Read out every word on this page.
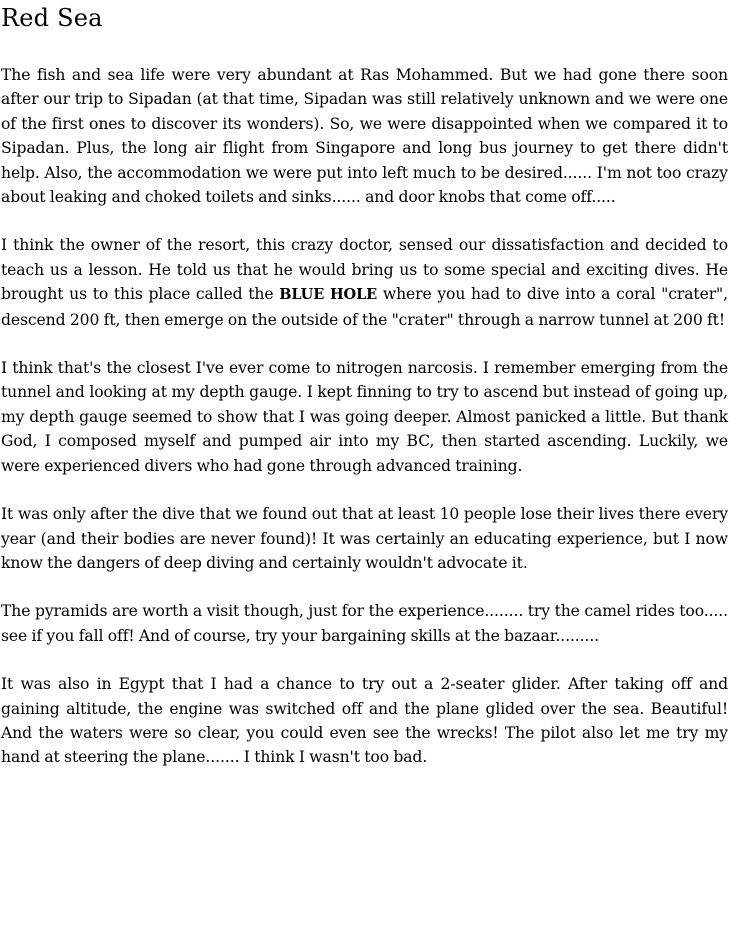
Red Sea

The fish and sea life were very abundant at Ras Mohammed. But we had gone there soon after our trip to Sipadan (at that time, Sipadan was still relatively unknown and we were one of the first ones to discover its wonders). So, we were disappointed when we compared it to Sipadan. Plus, the long air flight from Singapore and long bus journey to get there didn't help. Also, the accommodation we were put into left much to be desired...... I'm not too crazy about leaking and choked toilets and sinks...... and door knobs that come off.....

I think the owner of the resort, this crazy doctor, sensed our dissatisfaction and decided to teach us a lesson. He told us that he would bring us to some special and exciting dives. He brought us to this place called the BLUE HOLE where you had to dive into a coral "crater", descend 200 ft, then emerge on the outside of the "crater" through a narrow tunnel at 200 ft!

I think that's the closest I've ever come to nitrogen narcosis. I remember emerging from the tunnel and looking at my depth gauge. I kept finning to try to ascend but instead of going up, my depth gauge seemed to show that I was going deeper. Almost panicked a little. But thank God, I composed myself and pumped air into my BC, then started ascending. Luckily, we were experienced divers who had gone through advanced training.

It was only after the dive that we found out that at least 10 people lose their lives there every year (and their bodies are never found)! It was certainly an educating experience, but I now know the dangers of deep diving and certainly wouldn't advocate it.

The pyramids are worth a visit though, just for the experience........ try the camel rides too..... see if you fall off! And of course, try your bargaining skills at the bazaar.........

It was also in Egypt that I had a chance to try out a 2-seater glider. After taking off and gaining altitude, the engine was switched off and the plane glided over the sea. Beautiful! And the waters were so clear, you could even see the wrecks! The pilot also let me try my hand at steering the plane....... I think I wasn't too bad.
